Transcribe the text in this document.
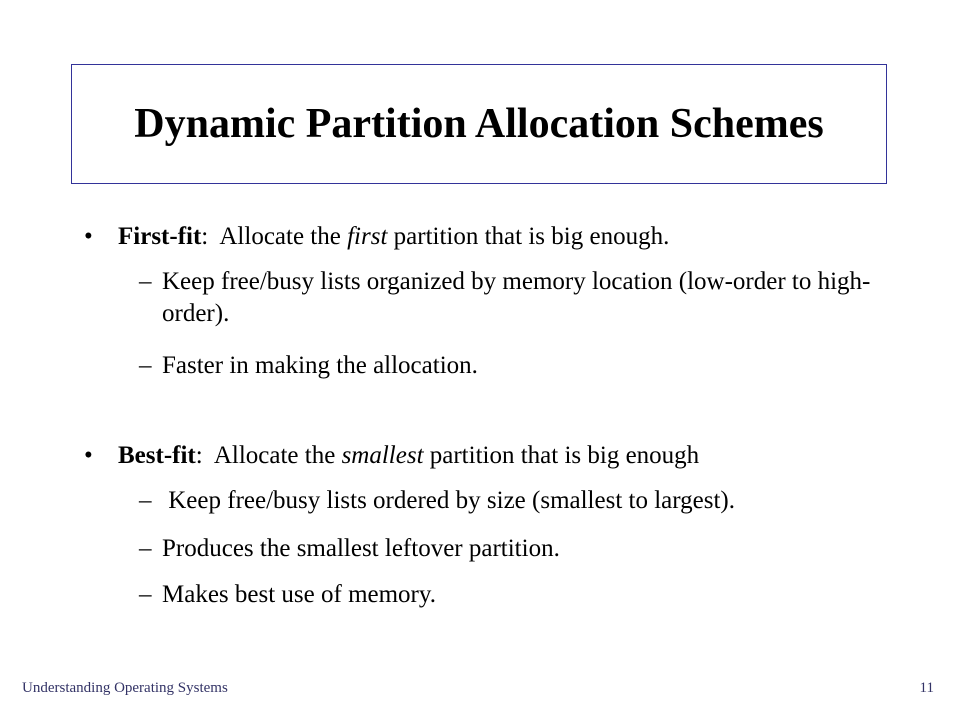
Dynamic Partition Allocation Schemes
• First-fit:  Allocate the first partition that is big enough.
– Keep free/busy lists organized by memory location (low-order to high-order).
– Faster in making the allocation.
• Best-fit:  Allocate the smallest partition that is big enough
– Keep free/busy lists ordered by size (smallest to largest).
– Produces the smallest leftover partition.
– Makes best use of memory.
Understanding Operating Systems	11
